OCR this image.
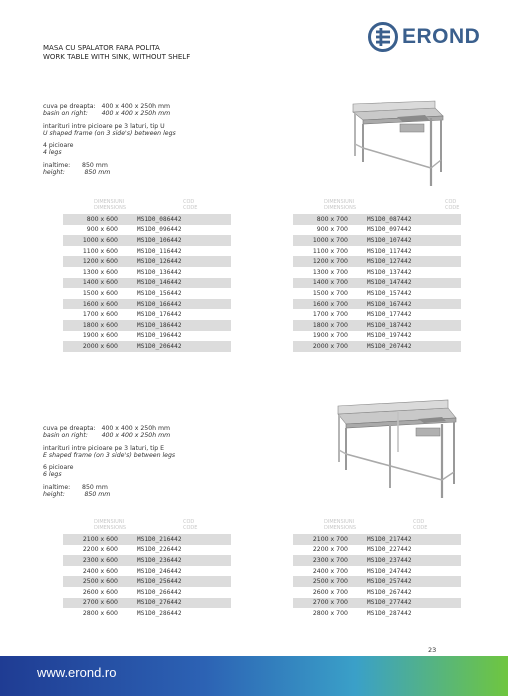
EROND
MASA CU SPALATOR FARA POLITA
WORK TABLE WITH SINK, WITHOUT SHELF
cuva pe dreapta:   400 x 400 x 250h mm
basin on right:       400 x 400 x 250h mm
intarituri intre picioare pe 3 laturi, tip U
U shaped frame (on 3 side's) between legs
4 picioare
4 legs
inaltime:      850 mm
height:          850 mm
DIMENSIUNI

DIMENSIONS
COD

CODE
800 x 600	MS1D0_086442
900 x 600	MS1D0_096442
1000 x 600	MS1D0_106442
1100 x 600	MS1D0_116442
1200 x 600	MS1D0_126442
1300 x 600	MS1D0_136442
1400 x 600	MS1D0_146442
1500 x 600	MS1D0_156442
1600 x 600	MS1D0_166442
1700 x 600	MS1D0_176442
1800 x 600	MS1D0_186442
1900 x 600	MS1D0_196442
2000 x 600	MS1D0_206442
DIMENSIUNI

DIMENSIONS
COD

CODE
800 x 700	MS1D0_087442
900 x 700	MS1D0_097442
1000 x 700	MS1D0_107442
1100 x 700	MS1D0_117442
1200 x 700	MS1D0_127442
1300 x 700	MS1D0_137442
1400 x 700	MS1D0_147442
1500 x 700	MS1D0_157442
1600 x 700	MS1D0_167442
1700 x 700	MS1D0_177442
1800 x 700	MS1D0_187442
1900 x 700	MS1D0_197442
2000 x 700	MS1D0_207442
cuva pe dreapta:   400 x 400 x 250h mm
basin on right:       400 x 400 x 250h mm
intarituri intre picioare pe 3 laturi, tip E
E shaped frame (on 3 side's) between legs
6 picioare
6 legs
inaltime:      850 mm
height:          850 mm
DIMENSIUNI

DIMENSIONS
COD

CODE
2100 x 600	MS1D0_216442
2200 x 600	MS1D0_226442
2300 x 600	MS1D0_236442
2400 x 600	MS1D0_246442
2500 x 600	MS1D0_256442
2600 x 600	MS1D0_266442
2700 x 600	MS1D0_276442
2800 x 600	MS1D0_286442
DIMENSIUNI

DIMENSIONS
COD

CODE
2100 x 700	MS1D0_217442
2200 x 700	MS1D0_227442
2300 x 700	MS1D0_237442
2400 x 700	MS1D0_247442
2500 x 700	MS1D0_257442
2600 x 700	MS1D0_267442
2700 x 700	MS1D0_277442
2800 x 700	MS1D0_287442
23
www.erond.ro
